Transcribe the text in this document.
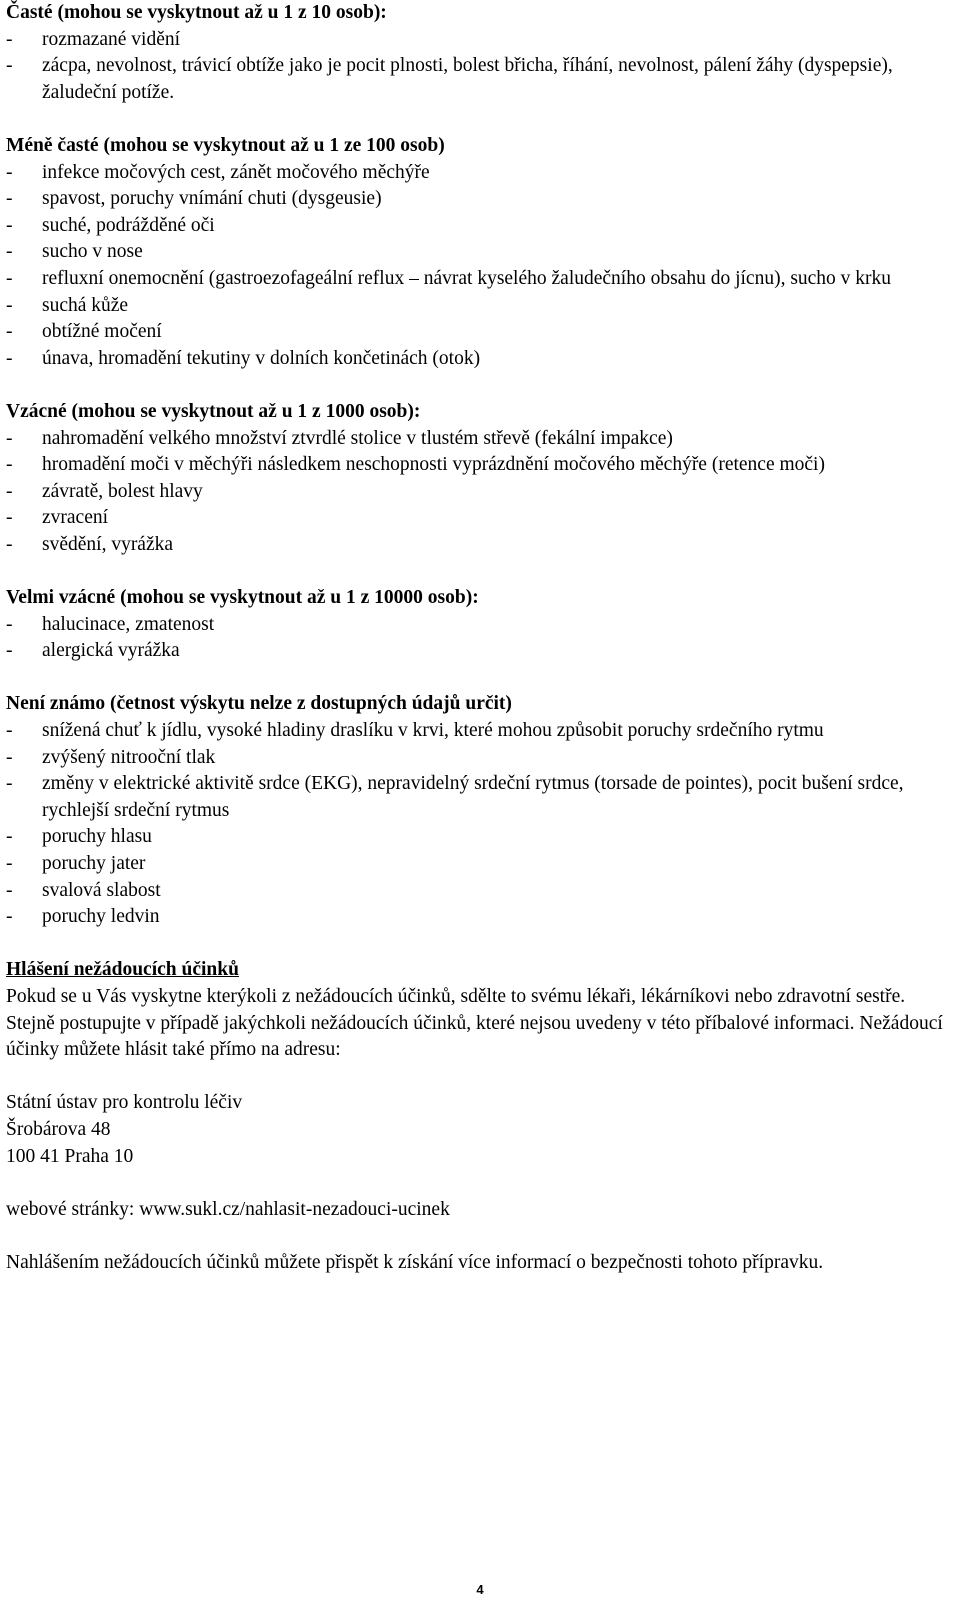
Časté (mohou se vyskytnout až u 1 z 10 osob):
- rozmazané vidění
- zácpa, nevolnost, trávicí obtíže jako je pocit plnosti, bolest břicha, říhání, nevolnost, pálení žáhy (dyspepsie), žaludeční potíže.
Méně časté (mohou se vyskytnout až u 1 ze 100 osob)
- infekce močových cest, zánět močového měchýře
- spavost, poruchy vnímání chuti (dysgeusie)
- suché, podrážděné oči
- sucho v nose
- refluxní onemocnění (gastroezofageální reflux – návrat kyselého žaludečního obsahu do jícnu), sucho v krku
- suchá kůže
- obtížné močení
- únava, hromadění tekutiny v dolních končetinách (otok)
Vzácné (mohou se vyskytnout až u 1 z 1000 osob):
- nahromadění velkého množství ztvrdlé stolice v tlustém střevě (fekální impakce)
- hromadění moči v měchýři následkem neschopnosti vyprázdnění močového měchýře (retence moči)
- závratě, bolest hlavy
- zvracení
- svědění, vyrážka
Velmi vzácné (mohou se vyskytnout až u 1 z 10000 osob):
- halucinace, zmatenost
- alergická vyrážka
Není známo (četnost výskytu nelze z dostupných údajů určit)
- snížená chuť k jídlu, vysoké hladiny draslíku v krvi, které mohou způsobit poruchy srdečního rytmu
- zvýšený nitrooční tlak
- změny v elektrické aktivitě srdce (EKG), nepravidelný srdeční rytmus (torsade de pointes), pocit bušení srdce, rychlejší srdeční rytmus
- poruchy hlasu
- poruchy jater
- svalová slabost
- poruchy ledvin
Hlášení nežádoucích účinků

Pokud se u Vás vyskytne kterýkoli z nežádoucích účinků, sdělte to svému lékaři, lékárníkovi nebo zdravotní sestře. Stejně postupujte v případě jakýchkoli nežádoucích účinků, které nejsou uvedeny v této příbalové informaci. Nežádoucí účinky můžete hlásit také přímo na adresu:

Státní ústav pro kontrolu léčiv
Šrobárova 48
100 41 Praha 10

webové stránky: www.sukl.cz/nahlasit-nezadouci-ucinek

Nahlášením nežádoucích účinků můžete přispět k získání více informací o bezpečnosti tohoto přípravku.

4
